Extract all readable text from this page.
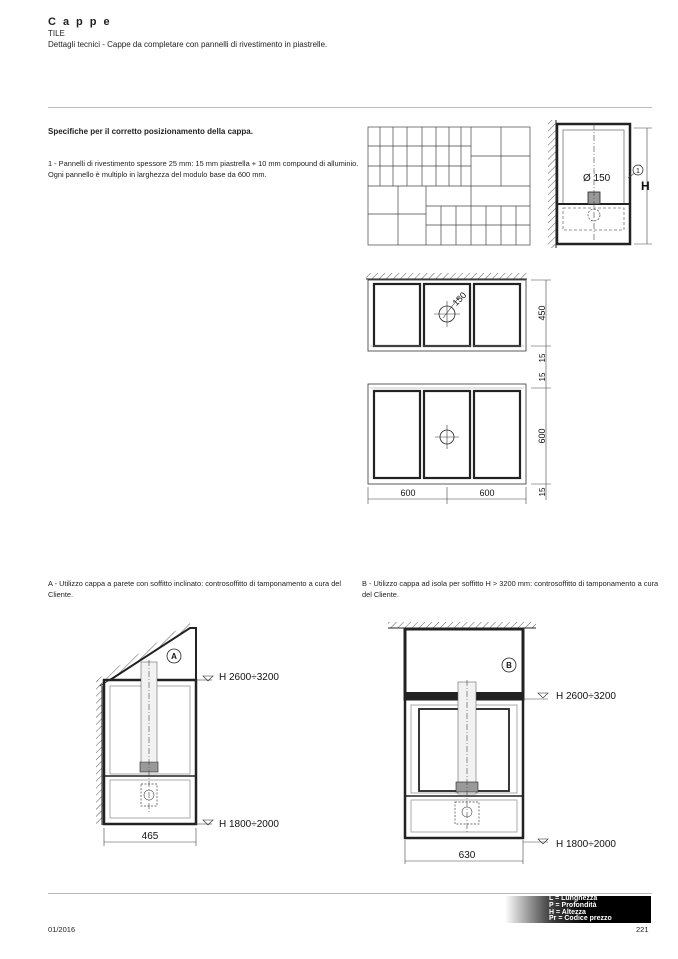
Cappe
TILE
Dettagli tecnici - Cappe da completare con pannelli di rivestimento in piastrelle.
Specifiche per il corretto posizionamento della cappa.
1 - Pannelli di rivestimento spessore 25 mm: 15 mm piastrella + 10 mm compound di alluminio. Ogni pannello è multiplo in larghezza del modulo base da 600 mm.	1
Ø 150
H
150
450
15
15
600
15
600	600
A
H 2600÷3200
H 1800÷2000
465
B
H 2600÷3200
H 1800÷2000
630
A - Utilizzo cappa a parete con soffitto inclinato: controsoffitto di tamponamento a cura del Cliente.
B - Utilizzo cappa ad isola per soffitto H > 3200 mm: controsoffitto di tamponamento a cura del Cliente.
L = Lunghezza
P = Profondità
H = Altezza
Pr = Codice prezzo
01/2016	221
